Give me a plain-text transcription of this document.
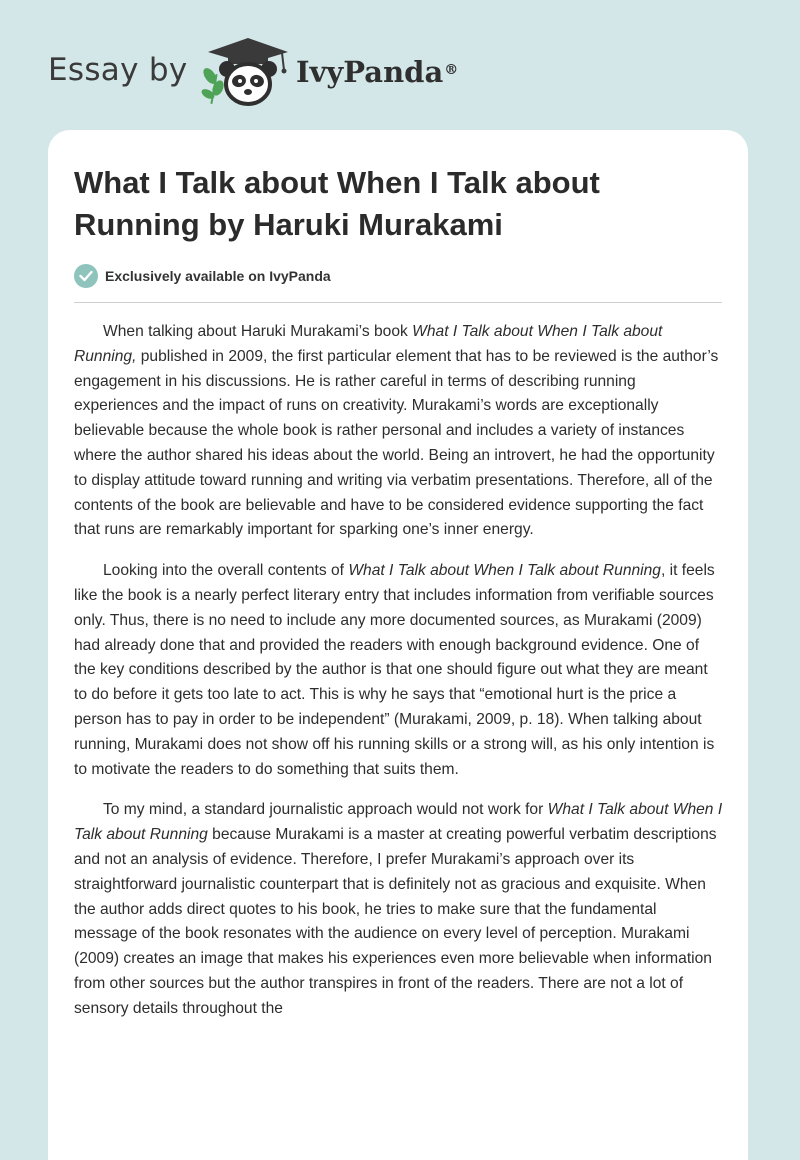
Essay by	IvyPanda®
What I Talk about When I Talk about Running by Haruki Murakami
Exclusively available on IvyPanda

When talking about Haruki Murakami’s book What I Talk about When I Talk about Running, published in 2009, the first particular element that has to be reviewed is the author’s engagement in his discussions. He is rather careful in terms of describing running experiences and the impact of runs on creativity. Murakami’s words are exceptionally believable because the whole book is rather personal and includes a variety of instances where the author shared his ideas about the world. Being an introvert, he had the opportunity to display attitude toward running and writing via verbatim presentations. Therefore, all of the contents of the book are believable and have to be considered evidence supporting the fact that runs are remarkably important for sparking one’s inner energy.

Looking into the overall contents of What I Talk about When I Talk about Running, it feels like the book is a nearly perfect literary entry that includes information from verifiable sources only. Thus, there is no need to include any more documented sources, as Murakami (2009) had already done that and provided the readers with enough background evidence. One of the key conditions described by the author is that one should figure out what they are meant to do before it gets too late to act. This is why he says that “emotional hurt is the price a person has to pay in order to be independent” (Murakami, 2009, p. 18). When talking about running, Murakami does not show off his running skills or a strong will, as his only intention is to motivate the readers to do something that suits them.

To my mind, a standard journalistic approach would not work for What I Talk about When I Talk about Running because Murakami is a master at creating powerful verbatim descriptions and not an analysis of evidence. Therefore, I prefer Murakami’s approach over its straightforward journalistic counterpart that is definitely not as gracious and exquisite. When the author adds direct quotes to his book, he tries to make sure that the fundamental message of the book resonates with the audience on every level of perception. Murakami (2009) creates an image that makes his experiences even more believable when information from other sources but the author transpires in front of the readers. There are not a lot of sensory details throughout the
